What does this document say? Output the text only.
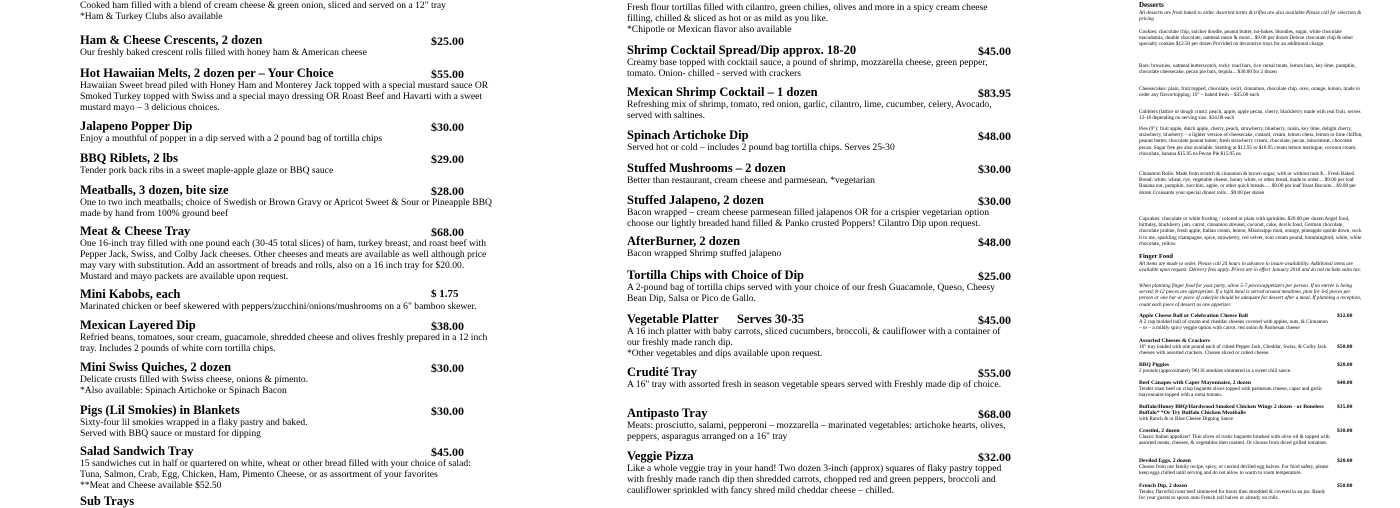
Cooked ham filled with a blend of cream cheese & green onion, sliced and served on a 12" tray
*Ham & Turkey Clubs also available
Ham & Cheese Crescents, 2 dozen
Our freshly baked crescent rolls filled with honey ham & American cheese
$25.00
Hot Hawaiian Melts, 2 dozen per – Your Choice
Hawaiian Sweet bread piled with Honey Ham and Monterey Jack topped with a special mustard sauce OR Smoked Turkey topped with Swiss and a special mayo dressing OR Roast Beef and Havarti with a sweet mustard mayo – 3 delicious choices.
$55.00
Jalapeno Popper Dip
Enjoy a mouthful of popper in a dip served with a 2 pound bag of tortilla chips
$30.00
BBQ Riblets, 2 lbs
Tender pork back ribs in a sweet maple-apple glaze or BBQ sauce
$29.00
Meatballs, 3 dozen, bite size
One to two inch meatballs; choice of Swedish or Brown Gravy or Apricot Sweet & Sour or Pineapple BBQ made by hand from 100% ground beef
$28.00
Meat & Cheese Tray
One 16-inch tray filled with one pound each (30-45 total slices) of ham, turkey breast, and roast beef with Pepper Jack, Swiss, and Colby Jack cheeses. Other cheeses and meats are available as well although price may vary with substitution. Add an assortment of breads and rolls, also on a 16 inch tray for $20.00. Mustard and mayo packets are available upon request.
$68.00
Mini Kabobs, each
Marinated chicken or beef skewered with peppers/zucchini/onions/mushrooms on a 6" bamboo skewer.
$ 1.75
Mexican Layered Dip
Refried beans, tomatoes, sour cream, guacamole, shredded cheese and olives freshly prepared in a 12 inch tray. Includes 2 pounds of white corn tortilla chips.
$38.00
Mini Swiss Quiches, 2 dozen
Delicate crusts filled with Swiss cheese, onions & pimento.
*Also available: Spinach Artichoke or Spinach Bacon
$30.00
Pigs (Lil Smokies) in Blankets
Sixty-four lil smokies wrapped in a flaky pastry and baked.
Served with BBQ sauce or mustard for dipping
$30.00
Salad Sandwich Tray
15 sandwiches cut in half or quartered on white, wheat or other bread filled with your choice of salad: Tuna, Salmon, Crab, Egg, Chicken, Ham, Pimento Cheese, or as assortment of your favorites
**Meat and Cheese available $52.50
$45.00
Sub Trays
Fresh flour tortillas filled with cilantro, green chilies, olives and more in a spicy cream cheese filling, chilled & sliced as hot or as mild as you like.
*Chipotle or Mexican flavor also available
Shrimp Cocktail Spread/Dip approx. 18-20
Creamy base topped with cocktail sauce, a pound of shrimp, mozzarella cheese, green pepper, tomato. Onion- chilled - served with crackers
$45.00
Mexican Shrimp Cocktail – 1 dozen
Refreshing mix of shrimp, tomato, red onion, garlic, cilantro, lime, cucumber, celery, Avocado, served with saltines.
$83.95
Spinach Artichoke Dip
Served hot or cold – includes 2 pound bag tortilla chips. Serves 25-30
$48.00
Stuffed Mushrooms – 2 dozen
Better than restaurant, cream cheese and parmesean. *vegetarian
$30.00
Stuffed Jalapeno, 2 dozen
Bacon wrapped – cream cheese parmesean filled jalapenos OR for a crispier vegetarian option choose our lightly breaded hand filled & Panko crusted Poppers! Cilantro Dip upon request.
$30.00
AfterBurner, 2 dozen
Bacon wrapped Shrimp stuffed jalapeno
$48.00
Tortilla Chips with Choice of Dip
A 2-pound bag of tortilla chips served with your choice of our fresh Guacamole, Queso, Cheesy Bean Dip, Salsa or Pico de Gallo.
$25.00
Vegetable Platter      Serves 30-35
A 16 inch platter with baby carrots, sliced cucumbers, broccoli, & cauliflower with a container of our freshly made ranch dip.
*Other vegetables and dips available upon request.
$45.00
Crudité Tray
A 16" tray with assorted fresh in season vegetable spears served with Freshly made dip of choice.
$55.00
Antipasto Tray
Meats: prosciutto, salami, pepperoni – mozzarella – marinated vegetables: artichoke hearts, olives, peppers, asparagus arranged on a 16" tray
$68.00
Veggie Pizza
Like a whole veggie tray in your hand! Two dozen 3-inch (approx) squares of flaky pastry topped with freshly made ranch dip then shredded carrots, chopped red and green peppers, broccoli and cauliflower sprinkled with fancy shred mild cheddar cheese – chilled.
$32.00
Desserts
All desserts are fresh baked to order. Assorted tortes & trifles are also available Please call for selection & pricing
Cookies: chocolate chip, snicker doodle, peanut butter, no-bakes, blondies, sugar, white chocolate macadamia, double chocolate, oatmeal raisin & more... $9.00 per dozen Deluxe chocolate chip & other specialty cookies $12.50 per dozen Provided on decorative trays for an additional charge.
Bars: brownies, oatmeal butterscotch, rocky road bars, rice cereal treats, lemon bars, key lime, pumpkin, chocolate cheesecake, pecan pie bars, tequila... $30.00 for 2 dozen
Cheesecakes: plain, fruit topped, chocolate, swirl, cinnamon, chocolate chip, oreo, orange, lemon, made to order any flavor/topping. 10" – baked fresh – $35.00 each
Cobblers (lattice or dough crust): peach, apple, apple pecan, cherry, blackberry made with real fruit, serves 12-18 depending on serving size. $34.00 each
Pies (9"): fruit apple, dutch apple, cherry, peach, strawberry, blueberry, raisin, key lime, delight cherry, strawberry, blueberry – a lighter version of cheesecake, custard, cream, lemon chess, lemon or lime chiffon, peanut butter, chocolate peanut butter, fresh strawberry cream, chocolate, pecan, mincemeat, chocolate pecan. Sugar free pie also available. Starting at $12.95 to $18.95 cream lemon meringue, coconut cream, chocolate, banana $15.95 ea Pecan Pie $15.95 ea
Cinnamon Rolls: Made from scratch & cinnamon & brown sugar; with or without nuts $... Fresh Baked Bread: white, wheat, rye, vegetable cheese, honey white, or other bread, made to order.... $9.00 per loaf Banana nut, pumpkin, zucchini, apple, or other quick breads..... $9.00 per loaf Yeast Biscuits... $9.00 per dozen Croissants your special dinner rolls... $9.00 per dozen
Cupcakes: chocolate or white frosting / colored or plain with sprinkles. $20.00 per dozen Angel food, birthday, blackberry jam, carrot, cinnamon streusel, coconut, coke, devils food, German chocolate, chocolate praline, fresh apple, Italian cream, lemon, Mississippi mud, orange, pineapple upside down, sock it to me, sparkling champagne, spice, strawberry, red velvet, sour cream pound, hummingbird, white, white chocolate, yellow
Finger Food
All items are made to order. Please call 24 hours in advance to insure availability. Additional items are available upon request. Delivery fees apply. Prices are in effect January 2018 and do not include sales tax.
When planning finger food for your party, allow 5-7 pieces/appetizers per person. If no entrée is being served, 8-12 pieces are appropriate. If a light meal is served around mealtime, plan for 4-6 pieces per person or one bar or piece of cake/pie should be adequate for dessert after a meal. If planning a reception, count each piece of dessert as one appetizer.
Apple Cheese Ball or Celebration Cheese Ball
A 2 cup molded ball of cream and cheddar cheeses covered with apples, nuts, & Cinnamon – or – a mildly spicy veggie option with carrot, red onion & Parmesan cheese
$32.00
Assorted Cheeses & Crackers
16" tray loaded with one pound each of cubed Pepper Jack, Cheddar, Swiss, & Colby Jack cheeses with assorted crackers. Choose sliced or cubed cheese.
$50.00
BBQ Piggies
2 pounds (approximately 96) lil smokies simmered in a sweet chili sauce.
$28.00
Beef Canapes with Caper Mayonnaise, 2 dozen
Tender roast beef on crisp baguette slices topped with parmesan cheese, caper and garlic mayonnaise topped with a roma tomato.
$40.00
Buffalo/Honey BBQ/Hardwood Smoked Chicken Wings 2 dozen - or Boneless Buffalo* *Or Try Buffalo Chicken Meatballs
with Ranch & or Blue Cheese Dipping Sauce
$35.00
Crostini, 2 dozen
Classic Italian appetizer! Thin slices of rustic baguette brushed with olive oil & topped with assorted meats, cheeses, & vegetables then toasted. Or choose from diced grilled tomatoes
$30.00
Deviled Eggs, 2 dozen
Choose from our family recipe, spicy, or curried deviled egg halves. For food safety, please keep eggs chilled until serving and do not allow to warm to room temperature.
$20.00
French Dip, 2 dozen
Tender, flavorful roast beef simmered for hours then shredded & covered in au jus. Ready for your guests to spoon onto French roll halves or already on rolls.
$50.00
